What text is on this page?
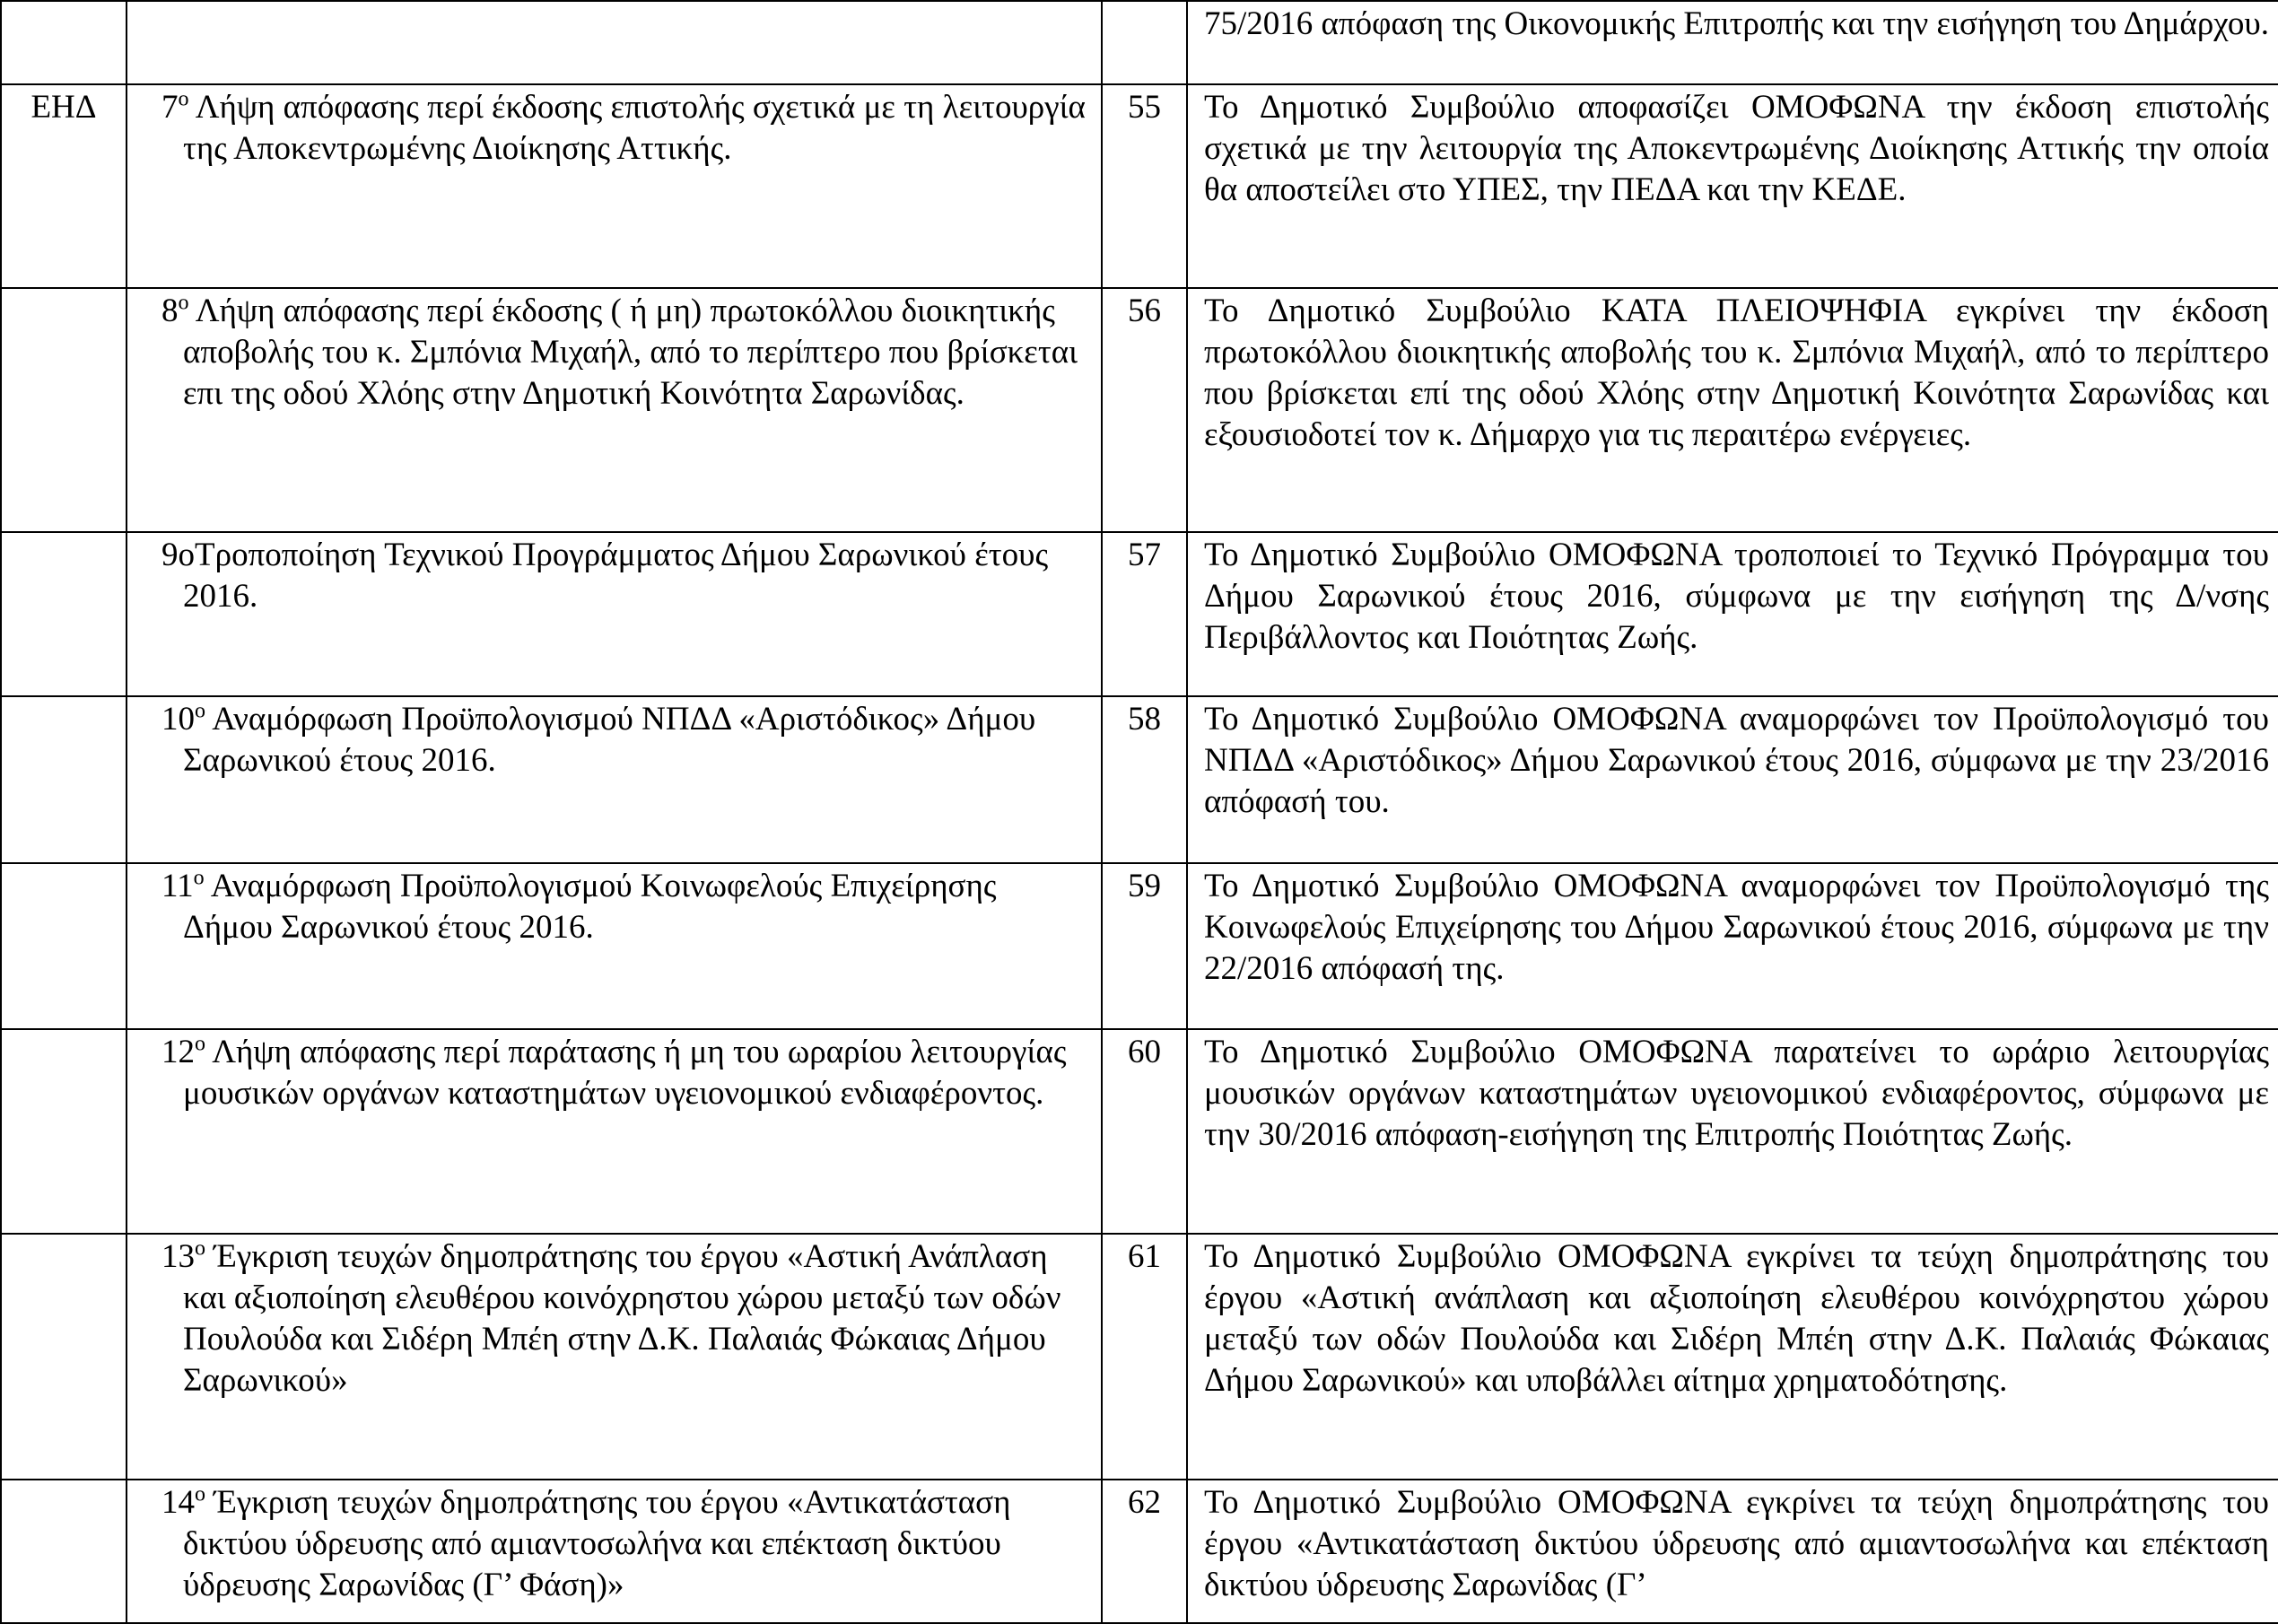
			75/2016 απόφαση της Οικονομικής Επιτροπής και την εισήγηση του Δημάρχου.

ΕΗΔ	$7^o$ Λήψη απόφασης περί έκδοσης επιστολής σχετικά με τη λειτουργία της Αποκεντρωμένης Διοίκησης Αττικής.	55	Το Δημοτικό Συμβούλιο αποφασίζει ΟΜΟΦΩΝΑ την έκδοση επιστολής σχετικά με την λειτουργία της Αποκεντρωμένης Διοίκησης Αττικής την οποία θα αποστείλει στο ΥΠΕΣ, την ΠΕΔΑ και την ΚΕΔΕ.

	$8^o$ Λήψη απόφασης περί έκδοσης ( ή μη) πρωτοκόλλου διοικητικής αποβολής του κ. Σμπόνια Μιχαήλ, από το περίπτερο που βρίσκεται επι της οδού Χλόης στην Δημοτική Κοινότητα Σαρωνίδας.	56	Το Δημοτικό Συμβούλιο ΚΑΤΑ ΠΛΕΙΟΨΗΦΙΑ εγκρίνει την έκδοση πρωτοκόλλου διοικητικής αποβολής του κ. Σμπόνια Μιχαήλ, από το περίπτερο που βρίσκεται επί της οδού Χλόης στην Δημοτική Κοινότητα Σαρωνίδας και εξουσιοδοτεί τον κ. Δήμαρχο για τις περαιτέρω ενέργειες.

	9οΤροποποίηση Τεχνικού Προγράμματος Δήμου Σαρωνικού έτους 2016.	57	Το Δημοτικό Συμβούλιο ΟΜΟΦΩΝΑ τροποποιεί το Τεχνικό Πρόγραμμα του Δήμου Σαρωνικού έτους 2016, σύμφωνα με την εισήγηση της Δ/νσης Περιβάλλοντος και Ποιότητας Ζωής.

	$10^o$ Αναμόρφωση Προϋπολογισμού ΝΠΔΔ «Αριστόδικος» Δήμου Σαρωνικού έτους 2016.	58	Το Δημοτικό Συμβούλιο ΟΜΟΦΩΝΑ αναμορφώνει τον Προϋπολογισμό του ΝΠΔΔ «Αριστόδικος» Δήμου Σαρωνικού έτους 2016, σύμφωνα με την 23/2016 απόφασή του.

	$11^o$ Αναμόρφωση Προϋπολογισμού Κοινωφελούς Επιχείρησης Δήμου Σαρωνικού έτους 2016.	59	Το Δημοτικό Συμβούλιο ΟΜΟΦΩΝΑ αναμορφώνει τον Προϋπολογισμό της Κοινωφελούς Επιχείρησης του Δήμου Σαρωνικού έτους 2016, σύμφωνα με την 22/2016 απόφασή της.

	$12^o$ Λήψη απόφασης περί παράτασης ή μη του ωραρίου λειτουργίας μουσικών οργάνων καταστημάτων υγειονομικού ενδιαφέροντος.	60	Το Δημοτικό Συμβούλιο ΟΜΟΦΩΝΑ παρατείνει το ωράριο λειτουργίας μουσικών οργάνων καταστημάτων υγειονομικού ενδιαφέροντος, σύμφωνα με την 30/2016 απόφαση-εισήγηση της Επιτροπής Ποιότητας Ζωής.

	$13^o$ Έγκριση τευχών δημοπράτησης του έργου «Αστική Ανάπλαση και αξιοποίηση ελευθέρου κοινόχρηστου χώρου μεταξύ των οδών Πουλούδα και Σιδέρη Μπέη στην Δ.Κ. Παλαιάς Φώκαιας Δήμου Σαρωνικού»	61	Το Δημοτικό Συμβούλιο ΟΜΟΦΩΝΑ εγκρίνει τα τεύχη δημοπράτησης του έργου «Αστική ανάπλαση και αξιοποίηση ελευθέρου κοινόχρηστου χώρου μεταξύ των οδών Πουλούδα και Σιδέρη Μπέη στην Δ.Κ. Παλαιάς Φώκαιας Δήμου Σαρωνικού» και υποβάλλει αίτημα χρηματοδότησης.

	$14^o$ Έγκριση τευχών δημοπράτησης του έργου «Αντικατάσταση δικτύου ύδρευσης από αμιαντοσωλήνα και επέκταση δικτύου ύδρευσης Σαρωνίδας (Γ’ Φάση)»	62	Το Δημοτικό Συμβούλιο ΟΜΟΦΩΝΑ εγκρίνει τα τεύχη δημοπράτησης του έργου «Αντικατάσταση δικτύου ύδρευσης από αμιαντοσωλήνα και επέκταση δικτύου ύδρευσης Σαρωνίδας (Γ’
